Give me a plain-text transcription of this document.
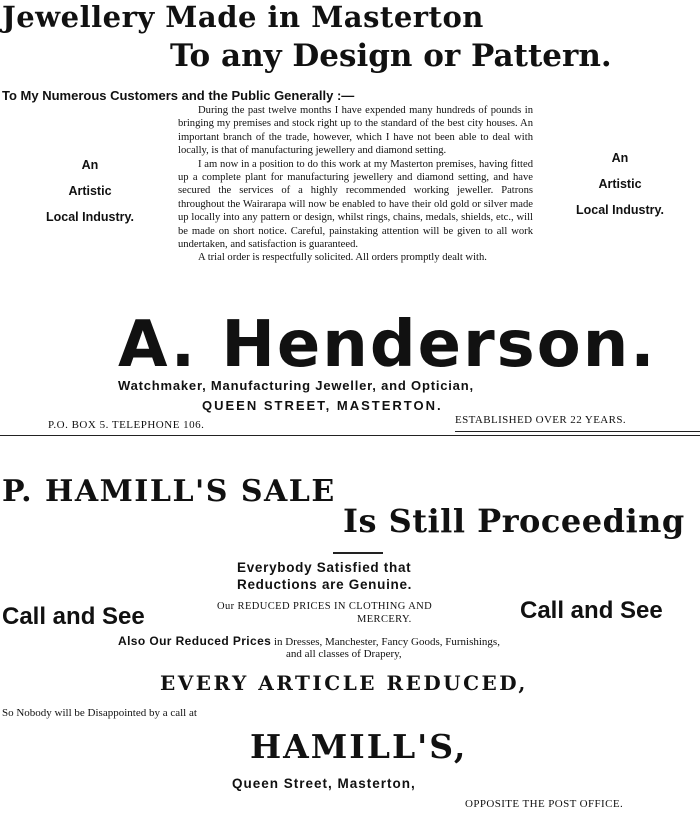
Jewellery Made in Masterton
To any Design or Pattern.
To My Numerous Customers and the Public Generally :—
An
Artistic
Local Industry.
An
Artistic
Local Industry.

During the past twelve months I have expended many hundreds of pounds in bringing my premises and stock right up to the standard of the best city houses. An important branch of the trade, however, which I have not been able to deal with locally, is that of manufacturing jewellery and diamond setting.

I am now in a position to do this work at my Masterton premises, having fitted up a complete plant for manufacturing jewellery and diamond setting, and have secured the services of a highly recommended working jeweller. Patrons throughout the Wairarapa will now be enabled to have their old gold or silver made up locally into any pattern or design, whilst rings, chains, medals, shields, etc., will be made on short notice. Careful, painstaking attention will be given to all work undertaken, and satisfaction is guaranteed.

A trial order is respectfully solicited. All orders promptly dealt with.

A. Henderson.
Watchmaker, Manufacturing Jeweller, and Optician,
QUEEN STREET, MASTERTON.
P.O. BOX 5. TELEPHONE 106.	ESTABLISHED OVER 22 YEARS.
P. HAMILL'S SALE
Is Still Proceeding
Everybody Satisfied that
Reductions are Genuine.
Call and See	Call and See
Our REDUCED PRICES IN CLOTHING AND
MERCERY.
Also Our Reduced Prices in Dresses, Manchester, Fancy Goods, Furnishings,
and all classes of Drapery,
EVERY ARTICLE REDUCED,
So Nobody will be Disappointed by a call at
HAMILL'S,
Queen Street, Masterton,
OPPOSITE THE POST OFFICE.
